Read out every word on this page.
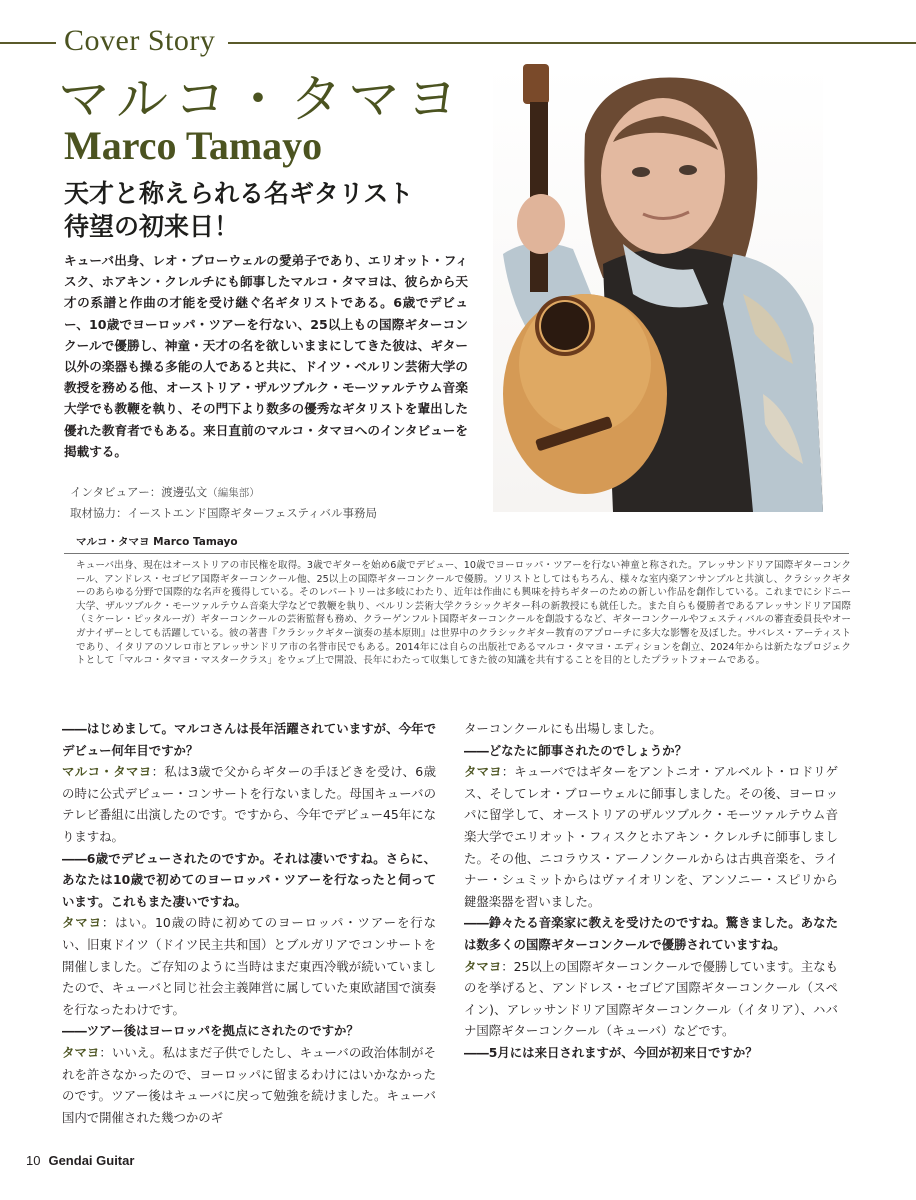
Cover Story
マルコ・タマヨ
Marco Tamayo
天才と称えられる名ギタリスト
待望の初来日！
キューバ出身、レオ・ブローウェルの愛弟子であり、エリオット・フィスク、ホアキン・クレルチにも師事したマルコ・タマヨは、彼らから天才の系譜と作曲の才能を受け継ぐ名ギタリストである。6歳でデビュー、10歳でヨーロッパ・ツアーを行ない、25以上もの国際ギターコンクールで優勝し、神童・天才の名を欲しいままにしてきた彼は、ギター以外の楽器も操る多能の人であると共に、ドイツ・ベルリン芸術大学の教授を務める他、オーストリア・ザルツブルク・モーツァルテウム音楽大学でも教鞭を執り、その門下より数多の優秀なギタリストを輩出した優れた教育者でもある。来日直前のマルコ・タマヨへのインタビューを掲載する。
インタビュアー：渡邊弘文（編集部）
取材協力：イーストエンド国際ギターフェスティバル事務局
マルコ・タマヨ Marco Tamayo
キューバ出身、現在はオーストリアの市民権を取得。3歳でギターを始め6歳でデビュー、10歳でヨーロッパ・ツアーを行ない神童と称された。アレッサンドリア国際ギターコンクール、アンドレス・セゴビア国際ギターコンクール他、25以上の国際ギターコンクールで優勝。ソリストとしてはもちろん、様々な室内楽アンサンブルと共演し、クラシックギターのあらゆる分野で国際的な名声を獲得している。そのレパートリーは多岐にわたり、近年は作曲にも興味を持ちギターのための新しい作品を創作している。これまでにシドニー大学、ザルツブルク・モーツァルテウム音楽大学などで教鞭を執り、ベルリン芸術大学クラシックギター科の新教授にも就任した。また自らも優勝者であるアレッサンドリア国際（ミケーレ・ピッタルーガ）ギターコンクールの芸術監督も務め、クラーゲンフルト国際ギターコンクールを創設するなど、ギターコンクールやフェスティバルの審査委員長やオーガナイザーとしても活躍している。彼の著書『クラシックギター演奏の基本原則』は世界中のクラシックギター教育のアプローチに多大な影響を及ぼした。サバレス・アーティストであり、イタリアのソレロ市とアレッサンドリア市の名誉市民でもある。2014年には自らの出版社であるマルコ・タマヨ・エディションを創立、2024年からは新たなプロジェクトとして「マルコ・タマヨ・マスタークラス」をウェブ上で開設、長年にわたって収集してきた彼の知識を共有することを目的としたプラットフォームである。

――はじめまして。マルコさんは長年活躍されていますが、今年でデビュー何年目ですか？

マルコ・タマヨ：私は3歳で父からギターの手ほどきを受け、6歳の時に公式デビュー・コンサートを行ないました。母国キューバのテレビ番組に出演したのです。ですから、今年でデビュー45年になりますね。

――6歳でデビューされたのですか。それは凄いですね。さらに、あなたは10歳で初めてのヨーロッパ・ツアーを行なったと伺っています。これもまた凄いですね。

タマヨ：はい。10歳の時に初めてのヨーロッパ・ツアーを行ない、旧東ドイツ（ドイツ民主共和国）とブルガリアでコンサートを開催しました。ご存知のように当時はまだ東西冷戦が続いていましたので、キューバと同じ社会主義陣営に属していた東欧諸国で演奏を行なったわけです。

――ツアー後はヨーロッパを拠点にされたのですか？

タマヨ：いいえ。私はまだ子供でしたし、キューバの政治体制がそれを許さなかったので、ヨーロッパに留まるわけにはいかなかったのです。ツアー後はキューバに戻って勉強を続けました。キューバ国内で開催された幾つかのギ

ターコンクールにも出場しました。

――どなたに師事されたのでしょうか？

タマヨ：キューバではギターをアントニオ・アルベルト・ロドリゲス、そしてレオ・ブローウェルに師事しました。その後、ヨーロッパに留学して、オーストリアのザルツブルク・モーツァルテウム音楽大学でエリオット・フィスクとホアキン・クレルチに師事しました。その他、ニコラウス・アーノンクールからは古典音楽を、ライナー・シュミットからはヴァイオリンを、アンソニー・スピリから鍵盤楽器を習いました。

――錚々たる音楽家に教えを受けたのですね。驚きました。あなたは数多くの国際ギターコンクールで優勝されていますね。

タマヨ：25以上の国際ギターコンクールで優勝しています。主なものを挙げると、アンドレス・セゴビア国際ギターコンクール（スペイン)、アレッサンドリア国際ギターコンクール（イタリア）、ハバナ国際ギターコンクール（キューバ）などです。

――5月には来日されますが、今回が初来日ですか？

10 Gendai Guitar
